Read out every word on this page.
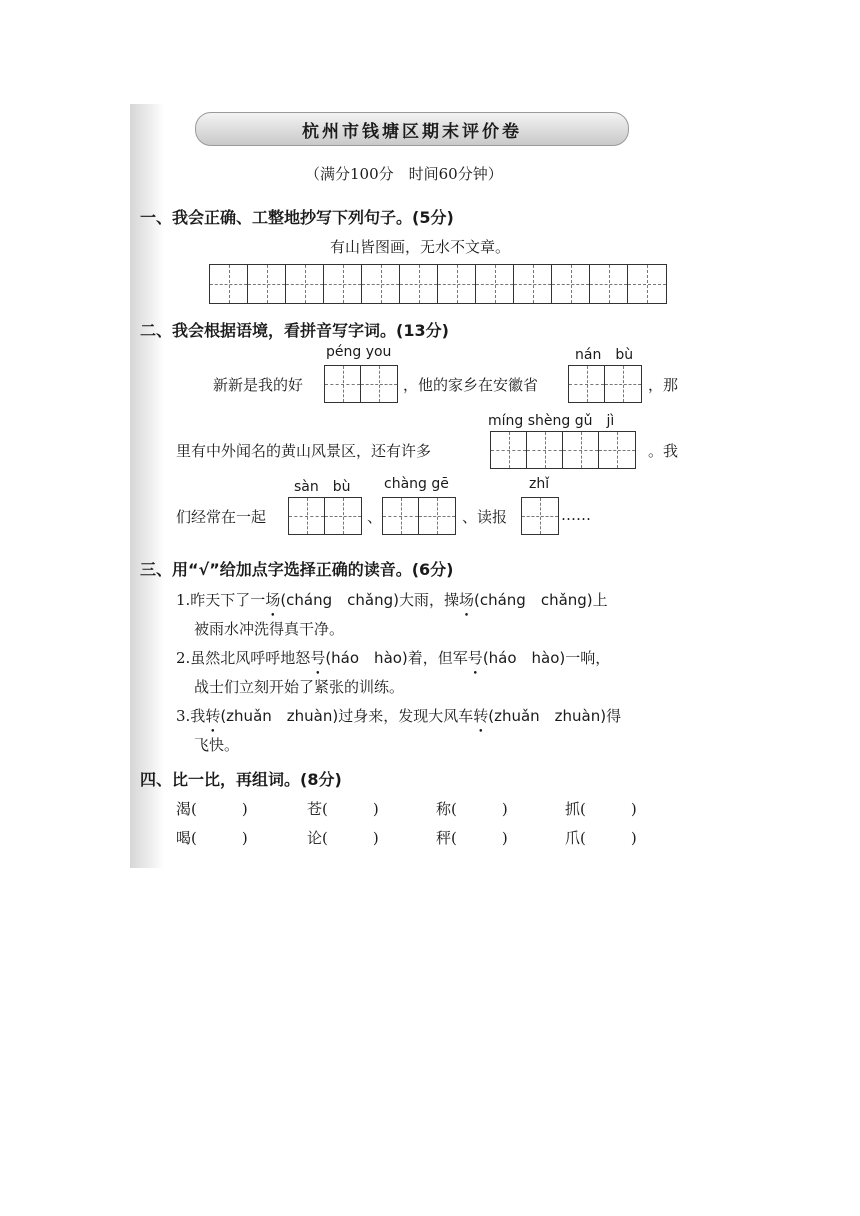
杭州市钱塘区期末评价卷
（满分100分　时间60分钟）
一、我会正确、工整地抄写下列句子。(5分)
有山皆图画，无水不文章。
二、我会根据语境，看拼音写字词。(13分)
péng you	nán　bù
新新是我的好	，他的家乡在安徽省	，那
míng shèng gǔ　jì
里有中外闻名的黄山风景区，还有许多	。我
sàn　bù chàng gē	zhǐ
们经常在一起	、	、读报	……
三、用“√”给加点字选择正确的读音。(6分)
1.昨天下了一场(cháng　chǎng)大雨，操场(cháng　chǎng)上
被雨水冲洗得真干净。
2.虽然北风呼呼地怒号(háo　hào)着，但军号(háo　hào)一响，
战士们立刻开始了紧张的训练。
3.我转(zhuǎn　zhuàn)过身来，发现大风车转(zhuǎn　zhuàn)得
飞快。
四、比一比，再组词。(8分)
渴(　　　)	苍(　　　)	称(　　　)	抓(　　　)
喝(　　　)	论(　　　)	秤(　　　)	爪(　　　)
